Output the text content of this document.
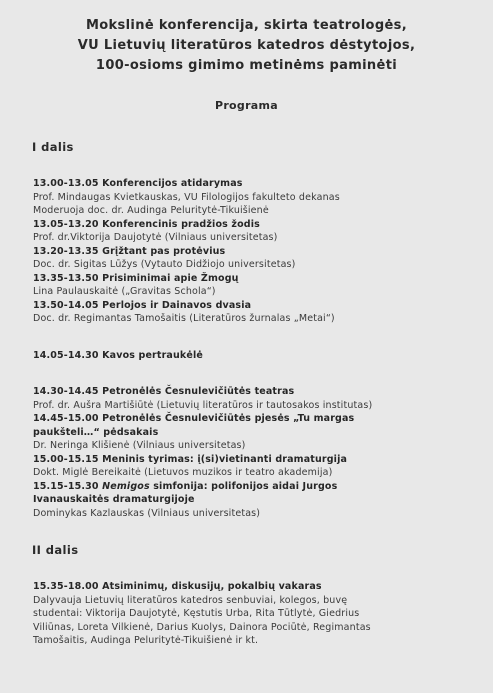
Mokslinė konferencija, skirta teatrologės,
VU Lietuvių literatūros katedros dėstytojos,
100-osioms gimimo metinėms paminėti
Programa
I dalis
13.00-13.05 Konferencijos atidarymas
Prof. Mindaugas Kvietkauskas, VU Filologijos fakulteto dekanas
Moderuoja doc. dr. Audinga Peluritytė-Tikuišienė
13.05-13.20 Konferencinis pradžios žodis
Prof. dr.Viktorija Daujotytė (Vilniaus universitetas)
13.20-13.35 Grįžtant pas protėvius
Doc. dr. Sigitas Lūžys (Vytauto Didžiojo universitetas)
13.35-13.50 Prisiminimai apie Žmogų
Lina Paulauskaitė („Gravitas Schola“)
13.50-14.05 Perlojos ir Dainavos dvasia
Doc. dr. Regimantas Tamošaitis (Literatūros žurnalas „Metai“)
14.05-14.30 Kavos pertraukėlė
14.30-14.45 Petronėlės Česnulevičiūtės teatras
Prof. dr. Aušra Martišiūtė (Lietuvių literatūros ir tautosakos institutas)
14.45-15.00 Petronėlės Česnulevičiūtės pjesės „Tu margas
paukšteli…“ pėdsakais
Dr. Neringa Klišienė (Vilniaus universitetas)
15.00-15.15 Meninis tyrimas: į(si)vietinanti dramaturgija
Dokt. Miglė Bereikaitė (Lietuvos muzikos ir teatro akademija)
15.15-15.30 Nemigos simfonija: polifonijos aidai Jurgos
Ivanauskaitės dramaturgijoje
Dominykas Kazlauskas (Vilniaus universitetas)
II dalis
15.35-18.00 Atsiminimų, diskusijų, pokalbių vakaras
Dalyvauja Lietuvių literatūros katedros senbuviai, kolegos, buvę
studentai: Viktorija Daujotytė, Kęstutis Urba, Rita Tūtlytė, Giedrius
Viliūnas, Loreta Vilkienė, Darius Kuolys, Dainora Pociūtė, Regimantas
Tamošaitis, Audinga Peluritytė-Tikuišienė ir kt.
